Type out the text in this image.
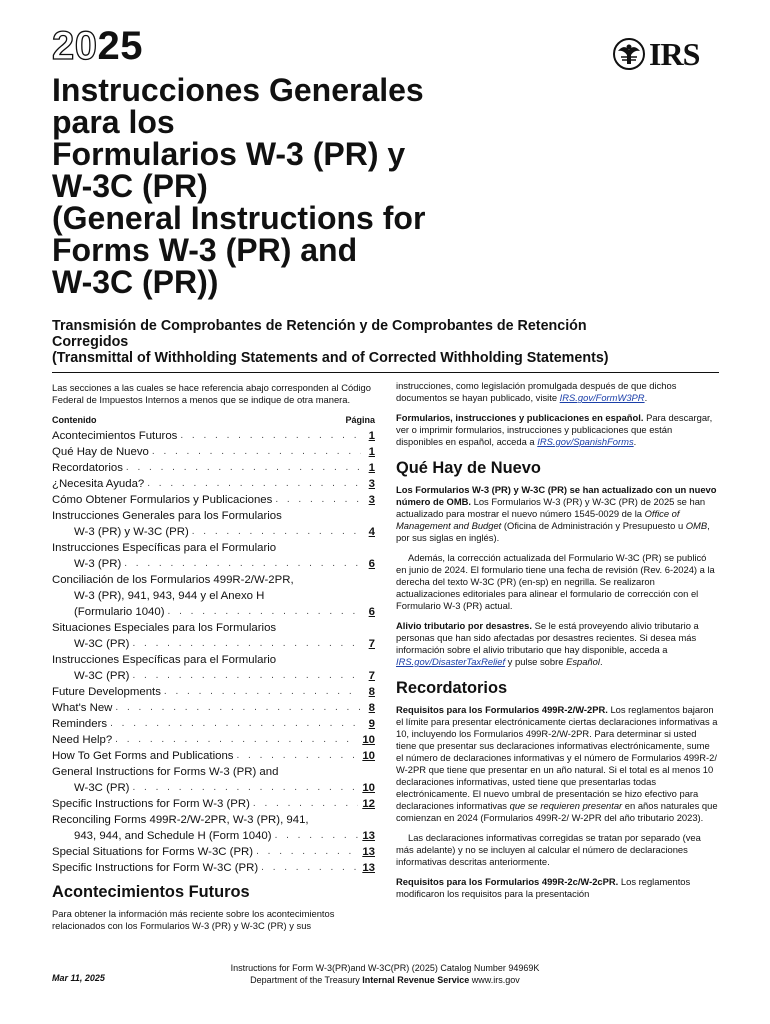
2025	IRS
Instrucciones Generales
para los
Formularios W-3 (PR) y
W-3C (PR)
(General Instructions for
Forms W-3 (PR) and
W-3C (PR))
Transmisión de Comprobantes de Retención y de Comprobantes de Retención
Corregidos
(Transmittal of Withholding Statements and of Corrected Withholding Statements)

Las secciones a las cuales se hace referencia abajo corresponden al Código Federal de Impuestos Internos a menos que se indique de otra manera.

Contenido	Página
Acontecimientos Futuros . . .	1
Qué Hay de Nuevo . . .	1
Recordatorios . . .	1
¿Necesita Ayuda? . . .	3
Cómo Obtener Formularios y Publicaciones . . .	3
Instrucciones Generales para los Formularios
W-3 (PR) y W-3C (PR) . . .	4
Instrucciones Específicas para el Formulario
W-3 (PR) . . .	6
Conciliación de los Formularios 499R-2/W-2PR,
W-3 (PR), 941, 943, 944 y el Anexo H
(Formulario 1040) . . .	6
Situaciones Especiales para los Formularios
W-3C (PR) . . .	7
Instrucciones Específicas para el Formulario
W-3C (PR) . . .	7
Future Developments . . .	8
What's New . . .	8
Reminders . . .	9
Need Help? . . .	10
How To Get Forms and Publications . . .	10
General Instructions for Forms W-3 (PR) and
W-3C (PR) . . .	10
Specific Instructions for Form W-3 (PR) . . .	12
Reconciling Forms 499R-2/W-2PR, W-3 (PR), 941,
943, 944, and Schedule H (Form 1040) . . .	13
Special Situations for Forms W-3C (PR) . . .	13
Specific Instructions for Form W-3C (PR) . . .	13
Acontecimientos Futuros

Para obtener la información más reciente sobre los acontecimientos relacionados con los Formularios W-3 (PR) y W-3C (PR) y sus

instrucciones, como legislación promulgada después de que dichos documentos se hayan publicado, visite IRS.gov/FormW3PR.

Formularios, instrucciones y publicaciones en español. Para descargar, ver o imprimir formularios, instrucciones y publicaciones que están disponibles en español, acceda a IRS.gov/SpanishForms.

Qué Hay de Nuevo

Los Formularios W-3 (PR) y W-3C (PR) se han actualizado con un nuevo número de OMB. Los Formularios W-3 (PR) y W-3C (PR) de 2025 se han actualizado para mostrar el nuevo número 1545-0029 de la Office of Management and Budget (Oficina de Administración y Presupuesto u OMB, por sus siglas en inglés).

Además, la corrección actualizada del Formulario W-3C (PR) se publicó en junio de 2024. El formulario tiene una fecha de revisión (Rev. 6-2024) a la derecha del texto W-3C (PR) (en-sp) en negrilla. Se realizaron actualizaciones editoriales para alinear el formulario de corrección con el Formulario W-3 (PR) actual.

Alivio tributario por desastres. Se le está proveyendo alivio tributario a personas que han sido afectadas por desastres recientes. Si desea más información sobre el alivio tributario que hay disponible, acceda a IRS.gov/DisasterTaxRelief y pulse sobre Español.

Recordatorios

Requisitos para los Formularios 499R-2/W-2PR. Los reglamentos bajaron el límite para presentar electrónicamente ciertas declaraciones informativas a 10, incluyendo los Formularios 499R-2/W-2PR. Para determinar si usted tiene que presentar sus declaraciones informativas electrónicamente, sume el número de declaraciones informativas y el número de Formularios 499R-2/ W-2PR que tiene que presentar en un año natural. Si el total es al menos 10 declaraciones informativas, usted tiene que presentarlas todas electrónicamente. El nuevo umbral de presentación se hizo efectivo para declaraciones informativas que se requieren presentar en años naturales que comienzan en 2024 (Formularios 499R-2/ W-2PR del año tributario 2023).

Las declaraciones informativas corregidas se tratan por separado (vea más adelante) y no se incluyen al calcular el número de declaraciones informativas descritas anteriormente.

Requisitos para los Formularios 499R-2c/W-2cPR. Los reglamentos modificaron los requisitos para la presentación

Instructions for Form W-3(PR)and W-3C(PR) (2025) Catalog Number 94969K
Mar 11, 2025	Department of the Treasury Internal Revenue Service www.irs.gov
